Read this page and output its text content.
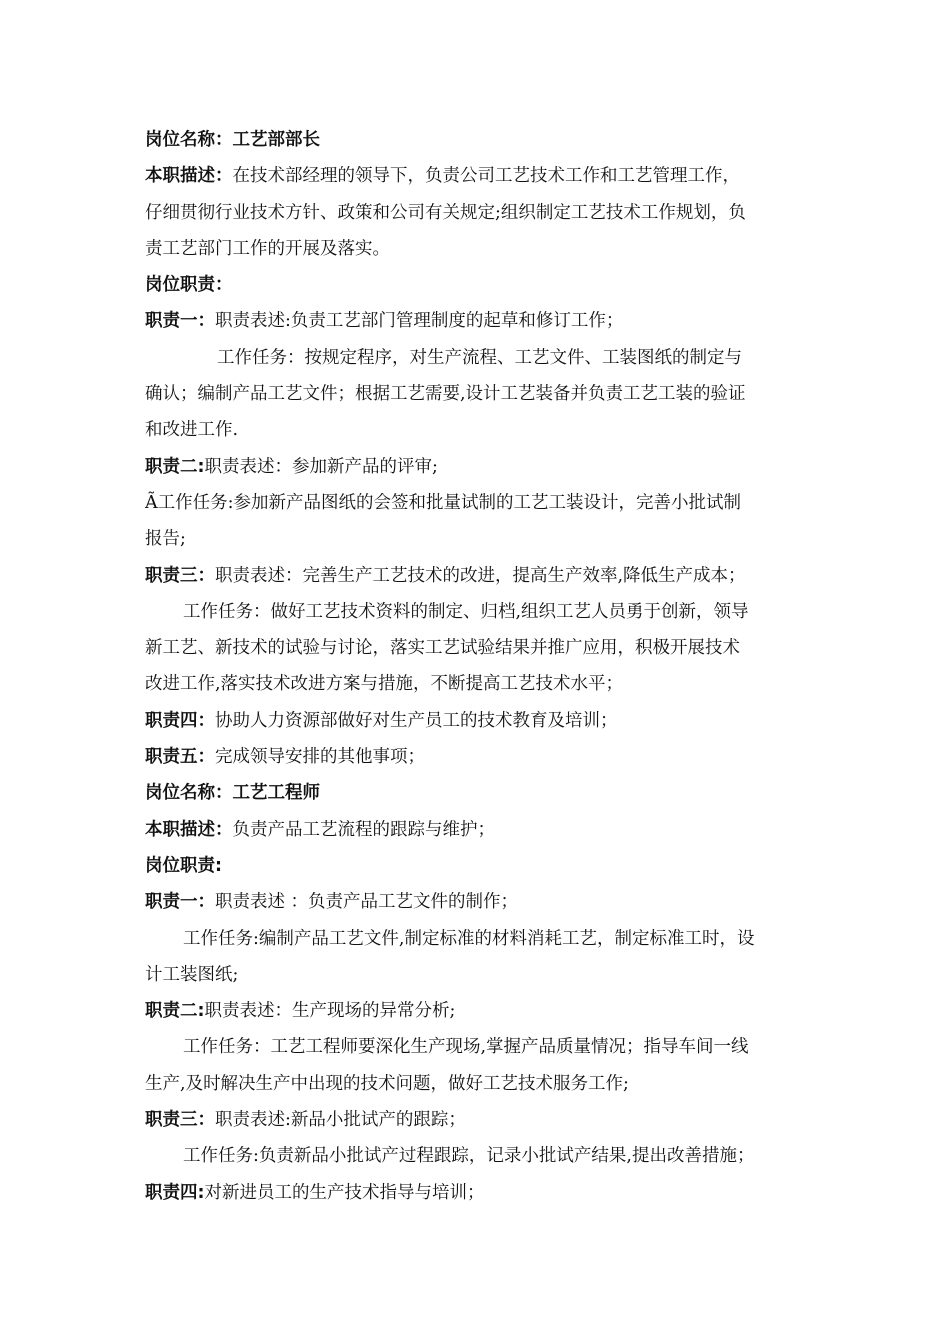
岗位名称：工艺部部长
本职描述：在技术部经理的领导下，负责公司工艺技术工作和工艺管理工作，
仔细贯彻行业技术方针、政策和公司有关规定;组织制定工艺技术工作规划，负
责工艺部门工作的开展及落实。
岗位职责：
职责一：职责表述:负责工艺部门管理制度的起草和修订工作；
工作任务：按规定程序，对生产流程、工艺文件、工装图纸的制定与
确认；编制产品工艺文件；根据工艺需要,设计工艺装备并负责工艺工装的验证
和改进工作.
职责二:职责表述：参加新产品的评审;
Ã工作任务:参加新产品图纸的会签和批量试制的工艺工装设计，完善小批试制
报告;
职责三：职责表述：完善生产工艺技术的改进，提高生产效率,降低生产成本；
工作任务：做好工艺技术资料的制定、归档,组织工艺人员勇于创新，领导
新工艺、新技术的试验与讨论，落实工艺试验结果并推广应用，积极开展技术
改进工作,落实技术改进方案与措施，不断提高工艺技术水平；
职责四：协助人力资源部做好对生产员工的技术教育及培训；
职责五：完成领导安排的其他事项；
岗位名称：工艺工程师
本职描述：负责产品工艺流程的跟踪与维护；
岗位职责:
职责一：职责表述 ：负责产品工艺文件的制作；
工作任务:编制产品工艺文件,制定标准的材料消耗工艺，制定标准工时，设
计工装图纸;
职责二:职责表述：生产现场的异常分析;
工作任务：工艺工程师要深化生产现场,掌握产品质量情况；指导车间一线
生产,及时解决生产中出现的技术问题，做好工艺技术服务工作;
职责三：职责表述:新品小批试产的跟踪；
工作任务:负责新品小批试产过程跟踪，记录小批试产结果,提出改善措施；
职责四:对新进员工的生产技术指导与培训；
